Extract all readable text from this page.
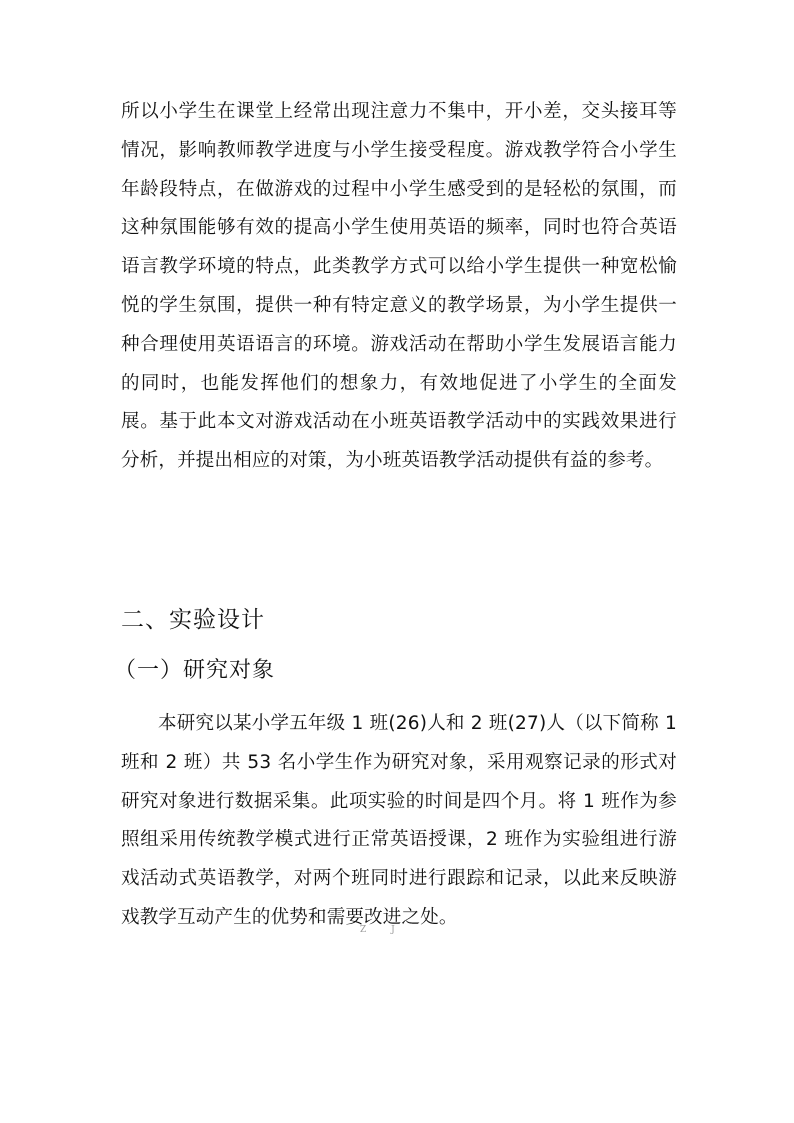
所以小学生在课堂上经常出现注意力不集中，开小差，交头接耳等情况，影响教师教学进度与小学生接受程度。游戏教学符合小学生年龄段特点，在做游戏的过程中小学生感受到的是轻松的氛围，而这种氛围能够有效的提高小学生使用英语的频率，同时也符合英语语言教学环境的特点，此类教学方式可以给小学生提供一种宽松愉悦的学生氛围，提供一种有特定意义的教学场景，为小学生提供一种合理使用英语语言的环境。游戏活动在帮助小学生发展语言能力的同时，也能发挥他们的想象力，有效地促进了小学生的全面发展。基于此本文对游戏活动在小班英语教学活动中的实践效果进行分析，并提出相应的对策，为小班英语教学活动提供有益的参考。

二、实验设计
（一）研究对象

本研究以某小学五年级 1 班(26)人和 2 班(27)人（以下简称 1 班和 2 班）共 53 名小学生作为研究对象，采用观察记录的形式对研究对象进行数据采集。此项实验的时间是四个月。将 1 班作为参照组采用传统教学模式进行正常英语授课，2 班作为实验组进行游戏活动式英语教学，对两个班同时进行跟踪和记录，以此来反映游戏教学互动产生的优势和需要改进之处。

Z J
